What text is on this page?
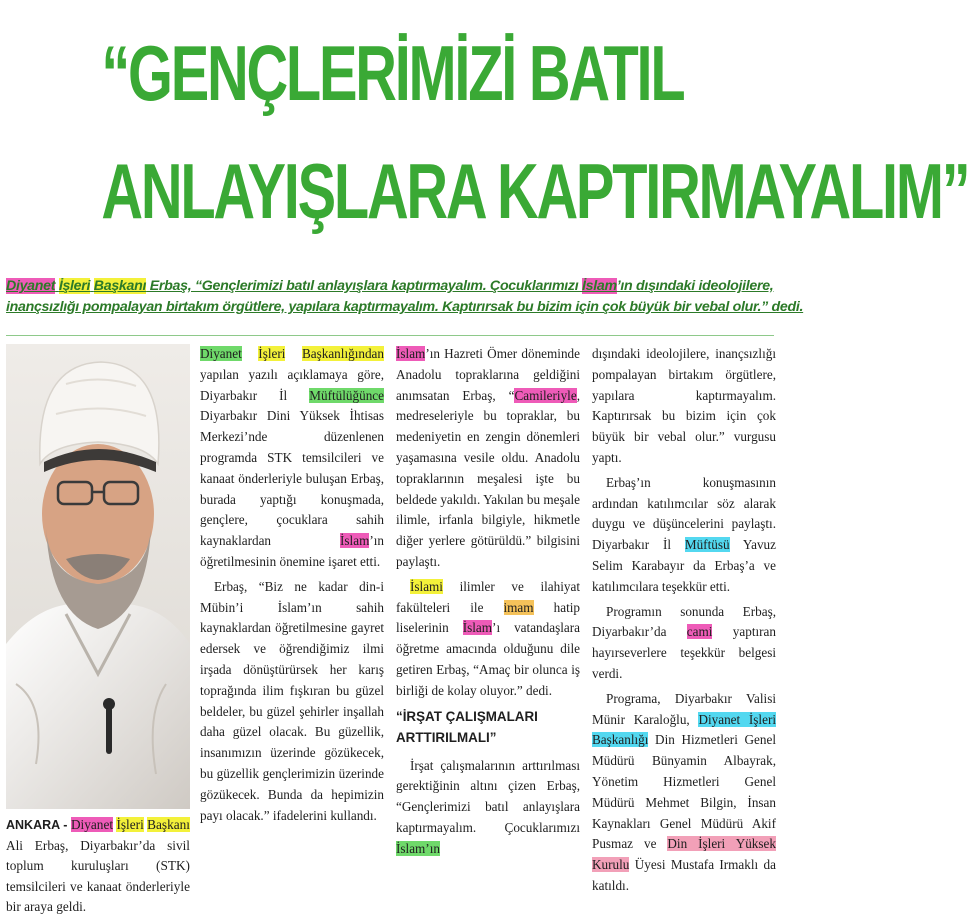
“GENÇLERİMİZİ BATIL
ANLAYIŞLARA KAPTIRMAYALIM”
Diyanet İşleri Başkanı Erbaş, “Gençlerimizi batıl anlayışlara kaptırmayalım. Çocuklarımızı İslam’ın dışındaki ideolojilere,
inançsızlığı pompalayan birtakım örgütlere, yapılara kaptırmayalım. Kaptırırsak bu bizim için çok büyük bir vebal olur.” dedi.
ANKARA - Diyanet İşleri Başkanı Ali Erbaş, Diyarbakır’da sivil toplum kuruluşları (STK) temsilcileri ve kanaat önderleriyle bir araya geldi.

Diyanet İşleri Başkanlığından yapılan yazılı açıklamaya göre, Diyarbakır İl Müftülüğünce Diyarbakır Dini Yüksek İhtisas Merkezi’nde düzenlenen programda STK temsilcileri ve kanaat önderleriyle buluşan Erbaş, burada yaptığı konuşmada, gençlere, çocuklara sahih kaynaklardan İslam’ın öğretilmesinin önemine işaret etti.

Erbaş, “Biz ne kadar din-i Mübin’i İslam’ın sahih kaynaklardan öğretilmesine gayret edersek ve öğrendiğimiz ilmi irşada dönüştürürsek her karış toprağında ilim fışkıran bu güzel beldeler, bu güzel şehirler inşallah daha güzel olacak. Bu güzellik, insanımızın üzerinde gözükecek, bu güzellik gençlerimizin üzerinde gözükecek. Bunda da hepimizin payı olacak.” ifadelerini kullandı.

İslam’ın Hazreti Ömer döneminde Anadolu topraklarına geldiğini anımsatan Erbaş, “Camileriyle, medreseleriyle bu topraklar, bu medeniyetin en zengin dönemleri yaşamasına vesile oldu. Anadolu topraklarının meşalesi işte bu beldede yakıldı. Yakılan bu meşale ilimle, irfanla bilgiyle, hikmetle diğer yerlere götürüldü.” bilgisini paylaştı.

İslami ilimler ve ilahiyat fakülteleri ile imam hatip liselerinin İslam’ı vatandaşlara öğretme amacında olduğunu dile getiren Erbaş, “Amaç bir olunca iş birliği de kolay oluyor.” dedi.

“İRŞAT ÇALIŞMALARI ARTTIRILMALI”

İrşat çalışmalarının arttırılması gerektiğinin altını çizen Erbaş, “Gençlerimizi batıl anlayışlara kaptırmayalım. Çocuklarımızı İslam’ın

dışındaki ideolojilere, inançsızlığı pompalayan birtakım örgütlere, yapılara kaptırmayalım. Kaptırırsak bu bizim için çok büyük bir vebal olur.” vurgusu yaptı.

Erbaş’ın konuşmasının ardından katılımcılar söz alarak duygu ve düşüncelerini paylaştı. Diyarbakır İl Müftüsü Yavuz Selim Karabayır da Erbaş’a ve katılımcılara teşekkür etti.

Programın sonunda Erbaş, Diyarbakır’da cami yaptıran hayırseverlere teşekkür belgesi verdi.

Programa, Diyarbakır Valisi Münir Karaloğlu, Diyanet İşleri Başkanlığı Din Hizmetleri Genel Müdürü Bünyamin Albayrak, Yönetim Hizmetleri Genel Müdürü Mehmet Bilgin, İnsan Kaynakları Genel Müdürü Akif Pusmaz ve Din İşleri Yüksek Kurulu Üyesi Mustafa Irmaklı da katıldı.
